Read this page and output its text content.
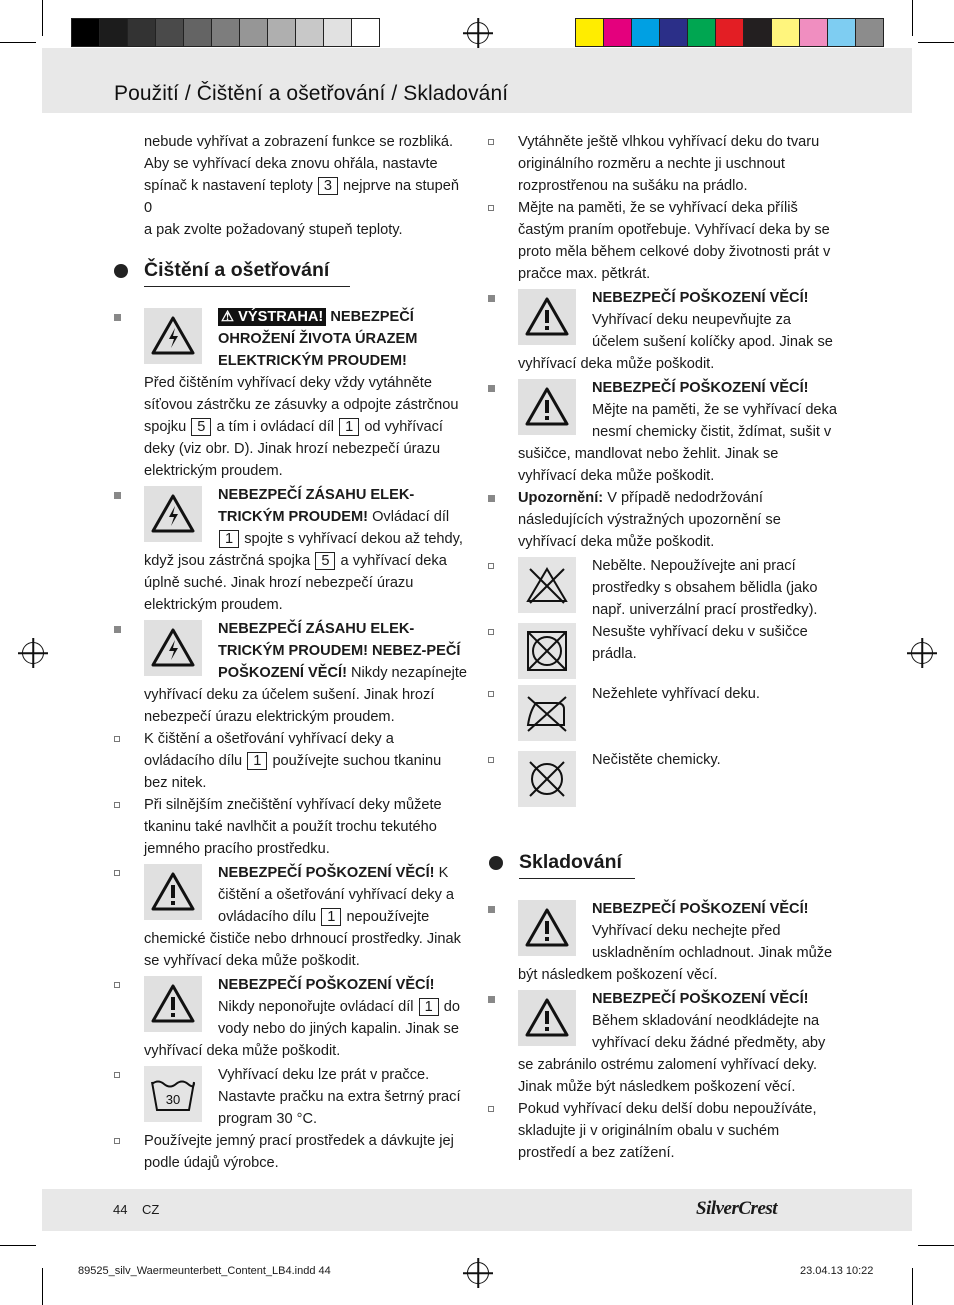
Použití / Čištění a ošetřování / Skladování

nebude vyhřívat a zobrazení funkce se rozbliká.
Aby se vyhřívací deka znovu ohřála, nastavte
spínač k nastavení teploty 3 nejprve na stupeň 0
a pak zvolte požadovaný stupeň teploty.

Čištění a ošetřování

⚠ VÝSTRAHA! NEBEZPEČÍ OHROŽENÍ ŽIVOTA ÚRAZEM ELEKTRICKÝM PROUDEM!
Před čištěním vyhřívací deky vždy vytáhněte síťovou zástrčku ze zásuvky a odpojte zástrčnou spojku 5 a tím i ovládací díl 1 od vyhřívací deky (viz obr. D). Jinak hrozí nebezpečí úrazu elektrickým proudem.

NEBEZPEČÍ ZÁSAHU ELEK-TRICKÝM PROUDEM! Ovládací díl 1 spojte s vyhřívací dekou až tehdy, když jsou zástrčná spojka 5 a vyhřívací deka úplně suché. Jinak hrozí nebezpečí úrazu elektrickým proudem.

NEBEZPEČÍ ZÁSAHU ELEK-TRICKÝM PROUDEM! NEBEZ-PEČÍ POŠKOZENÍ VĚCÍ! Nikdy nezapínejte vyhřívací deku za účelem sušení. Jinak hrozí nebezpečí úrazu elektrickým proudem.

K čištění a ošetřování vyhřívací deky a ovládacího dílu 1 používejte suchou tkaninu bez nitek.

Při silnějším znečištění vyhřívací deky můžete tkaninu také navlhčit a použít trochu tekutého jemného pracího prostředku.

NEBEZPEČÍ POŠKOZENÍ VĚCÍ! K čištění a ošetřování vyhřívací deky a ovládacího dílu 1 nepoužívejte chemické čističe nebo drhnoucí prostředky. Jinak se vyhřívací deka může poškodit.

NEBEZPEČÍ POŠKOZENÍ VĚCÍ! Nikdy neponořujte ovládací díl 1 do vody nebo do jiných kapalin. Jinak se vyhřívací deka může poškodit.

30

Vyhřívací deku lze prát v pračce. Nastavte pračku na extra šetrný prací program 30 °C.

Používejte jemný prací prostředek a dávkujte jej podle údajů výrobce.

Vytáhněte ještě vlhkou vyhřívací deku do tvaru originálního rozměru a nechte ji uschnout rozprostřenou na sušáku na prádlo.

Mějte na paměti, že se vyhřívací deka příliš častým praním opotřebuje. Vyhřívací deka by se proto měla během celkové doby životnosti prát v pračce max. pětkrát.

NEBEZPEČÍ POŠKOZENÍ VĚCÍ! Vyhřívací deku neupevňujte za účelem sušení kolíčky apod. Jinak se vyhřívací deka může poškodit.

NEBEZPEČÍ POŠKOZENÍ VĚCÍ! Mějte na paměti, že se vyhřívací deka nesmí chemicky čistit, ždímat, sušit v sušičce, mandlovat nebo žehlit. Jinak se vyhřívací deka může poškodit.

Upozornění: V případě nedodržování následujících výstražných upozornění se vyhřívací deka může poškodit.

Nebělte. Nepoužívejte ani prací prostředky s obsahem bělidla (jako např. univerzální prací prostředky).

Nesušte vyhřívací deku v sušičce prádla.

Nežehlete vyhřívací deku.

Nečistěte chemicky.

Skladování

NEBEZPEČÍ POŠKOZENÍ VĚCÍ! Vyhřívací deku nechejte před uskladněním ochladnout. Jinak může být následkem poškození věcí.

NEBEZPEČÍ POŠKOZENÍ VĚCÍ! Během skladování neodkládejte na vyhřívací deku žádné předměty, aby se zabránilo ostrému zalomení vyhřívací deky. Jinak může být následkem poškození věcí.

Pokud vyhřívací deku delší dobu nepoužíváte, skladujte ji v originálním obalu v suchém prostředí a bez zatížení.

44 CZ	SilverCrest
89525_silv_Waermeunterbett_Content_LB4.indd 44	23.04.13 10:22
